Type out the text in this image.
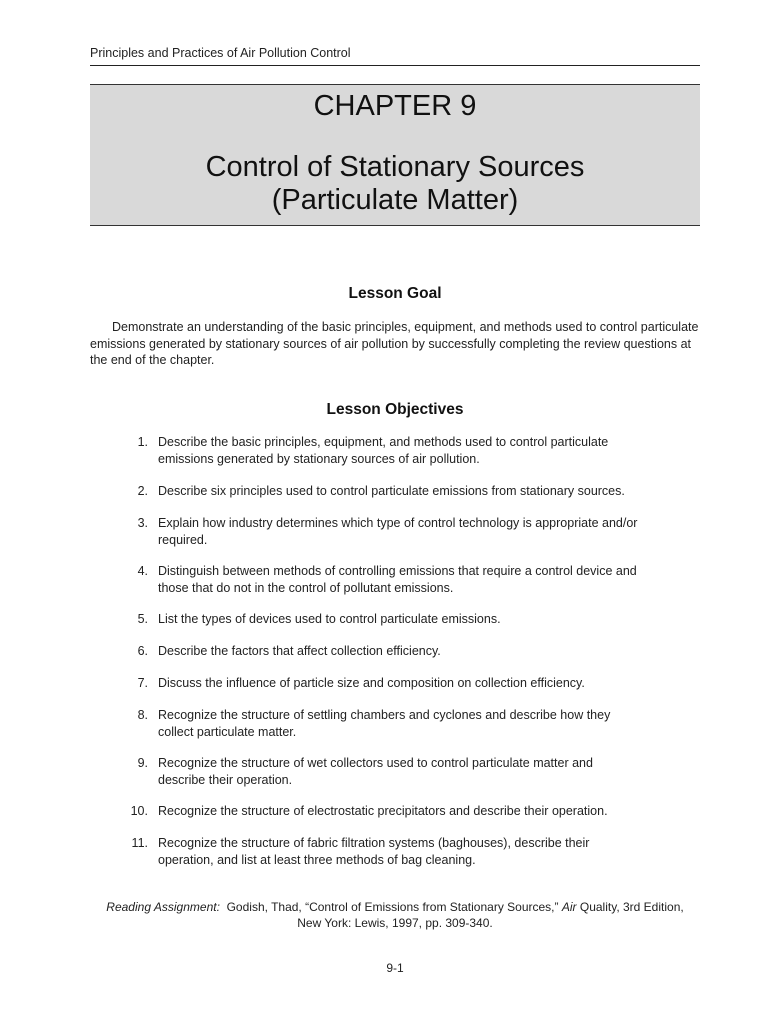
Principles and Practices of Air Pollution Control
CHAPTER 9
Control of Stationary Sources
(Particulate Matter)
Lesson Goal
Demonstrate an understanding of the basic principles, equipment, and methods used to control particulate emissions generated by stationary sources of air pollution by successfully completing the review questions at the end of the chapter.
Lesson Objectives
1. Describe the basic principles, equipment, and methods used to control particulate emissions generated by stationary sources of air pollution.
2. Describe six principles used to control particulate emissions from stationary sources.
3. Explain how industry determines which type of control technology is appropriate and/or required.
4. Distinguish between methods of controlling emissions that require a control device and those that do not in the control of pollutant emissions.
5. List the types of devices used to control particulate emissions.
6. Describe the factors that affect collection efficiency.
7. Discuss the influence of particle size and composition on collection efficiency.
8. Recognize the structure of settling chambers and cyclones and describe how they collect particulate matter.
9. Recognize the structure of wet collectors used to control particulate matter and describe their operation.
10. Recognize the structure of electrostatic precipitators and describe their operation.
11. Recognize the structure of fabric filtration systems (baghouses), describe their operation, and list at least three methods of bag cleaning.
Reading Assignment: Godish, Thad, “Control of Emissions from Stationary Sources,” Air Quality, 3rd Edition,
New York: Lewis, 1997, pp. 309-340.
9-1
